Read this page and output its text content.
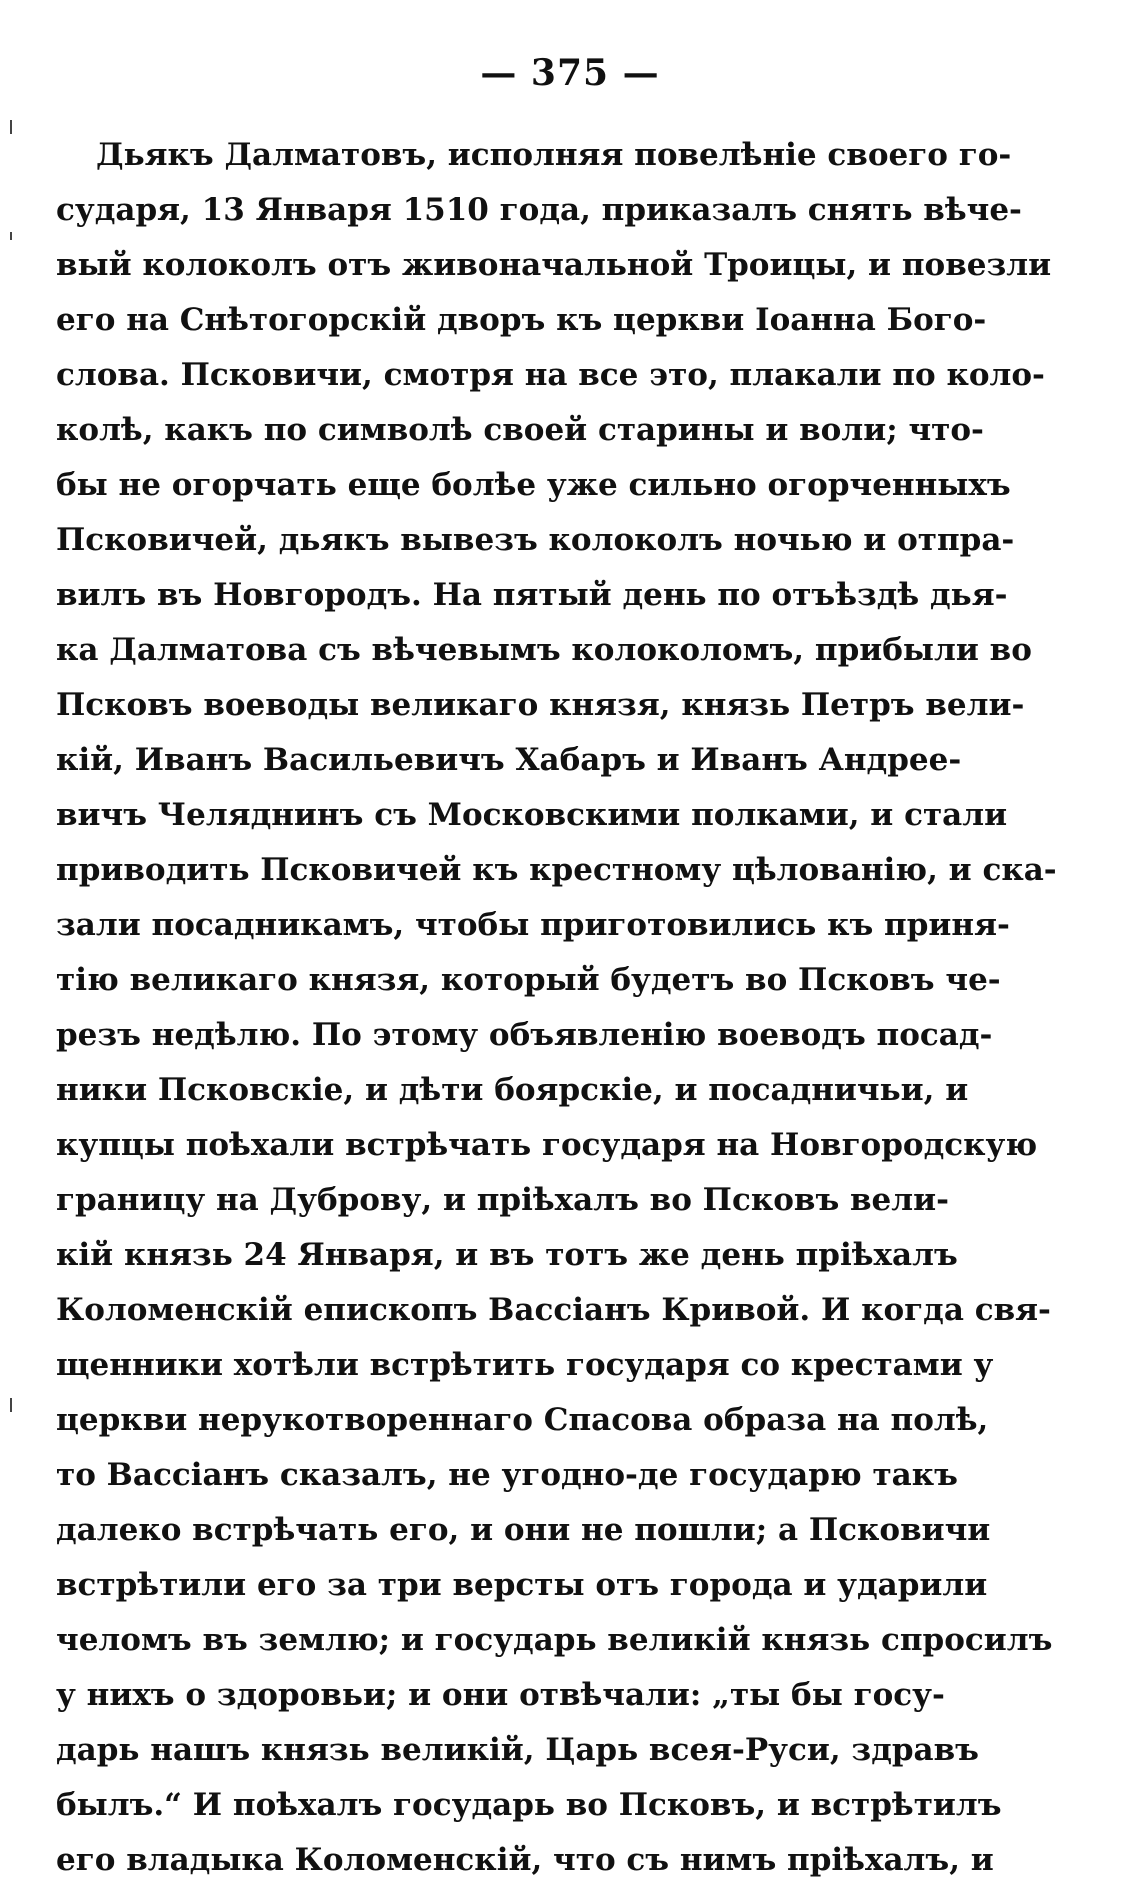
— 375 —
Дьякъ Далматовъ, исполняя повелѣніе своего го-
сударя, 13 Января 1510 года, приказалъ снять вѣче-
вый колоколъ отъ живоначальной Троицы, и повезли
его на Снѣтогорскій дворъ къ церкви Іоанна Бого-
слова. Псковичи, смотря на все это, плакали по коло-
колѣ, какъ по символѣ своей старины и воли; что-
бы не огорчать еще болѣе уже сильно огорченныхъ
Псковичей, дьякъ вывезъ колоколъ ночью и отпра-
вилъ въ Новгородъ. На пятый день по отъѣздѣ дья-
ка Далматова съ вѣчевымъ колоколомъ, прибыли во
Псковъ воеводы великаго князя, князь Петръ вели-
кій, Иванъ Васильевичъ Хабаръ и Иванъ Андрее-
вичъ Челяднинъ съ Московскими полками, и стали
приводить Псковичей къ крестному цѣлованію, и ска-
зали посадникамъ, чтобы приготовились къ приня-
тію великаго князя, который будетъ во Псковъ че-
резъ недѣлю. По этому объявленію воеводъ посад-
ники Псковскіе, и дѣти боярскіе, и посадничьи, и
купцы поѣхали встрѣчать государя на Новгородскую
границу на Дуброву, и пріѣхалъ во Псковъ вели-
кій князь 24 Января, и въ тотъ же день пріѣхалъ
Коломенскій епископъ Вассіанъ Кривой. И когда свя-
щенники хотѣли встрѣтить государя со крестами у
церкви нерукотвореннаго Спасова образа на полѣ,
то Вассіанъ сказалъ, не угодно-де государю такъ
далеко встрѣчать его, и они не пошли; а Псковичи
встрѣтили его за три версты отъ города и ударили
челомъ въ землю; и государь великій князь спросилъ
у нихъ о здоровьи; и они отвѣчали: „ты бы госу-
дарь нашъ князь великій, Царь всея-Руси, здравъ
былъ.“ И поѣхалъ государь во Псковъ, и встрѣтилъ
его владыка Коломенскій, что съ нимъ пріѣхалъ, и
